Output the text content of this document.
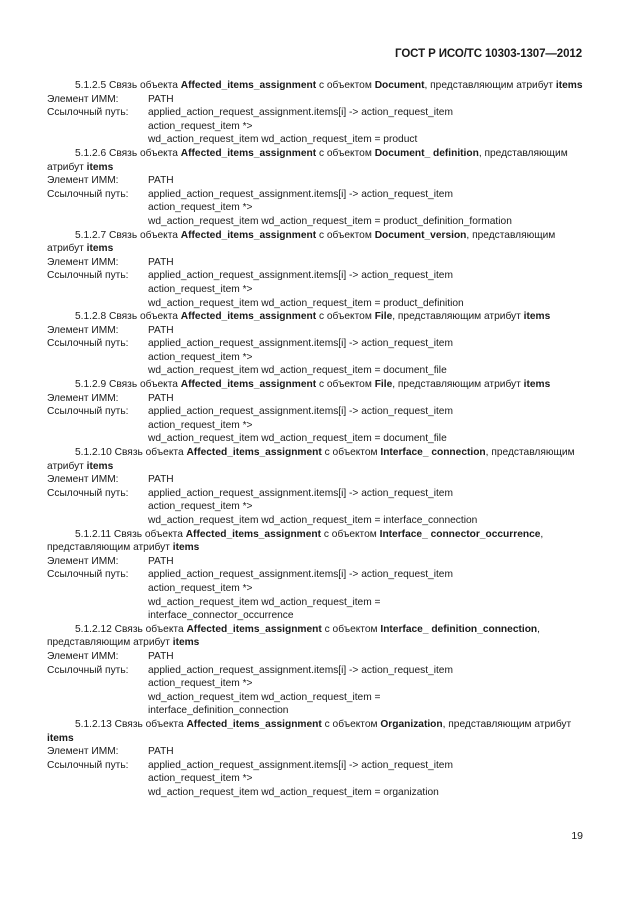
ГОСТ Р ИСО/ТС 10303-1307—2012
5.1.2.5 Связь объекта Affected_items_assignment с объектом Document, представляющим атрибут items
Элемент ИММ:	PATH
Ссылочный путь:	applied_action_request_assignment.items[i] -> action_request_item
action_request_item *>
wd_action_request_item wd_action_request_item = product
5.1.2.6 Связь объекта Affected_items_assignment с объектом Document_ definition, представляющим атрибут items
Элемент ИММ:	PATH
Ссылочный путь:	applied_action_request_assignment.items[i] -> action_request_item
action_request_item *>
wd_action_request_item wd_action_request_item = product_definition_formation
5.1.2.7 Связь объекта Affected_items_assignment с объектом Document_version, представляющим атрибут items
Элемент ИММ:	PATH
Ссылочный путь:	applied_action_request_assignment.items[i] -> action_request_item
action_request_item *>
wd_action_request_item wd_action_request_item = product_definition
5.1.2.8 Связь объекта Affected_items_assignment с объектом File, представляющим атрибут items
Элемент ИММ:	PATH
Ссылочный путь:	applied_action_request_assignment.items[i] -> action_request_item
action_request_item *>
wd_action_request_item wd_action_request_item = document_file
5.1.2.9 Связь объекта Affected_items_assignment с объектом File, представляющим атрибут items
Элемент ИММ:	PATH
Ссылочный путь:	applied_action_request_assignment.items[i] -> action_request_item
action_request_item *>
wd_action_request_item wd_action_request_item = document_file
5.1.2.10 Связь объекта Affected_items_assignment с объектом Interface_ connection, представляющим атрибут items
Элемент ИММ:	PATH
Ссылочный путь:	applied_action_request_assignment.items[i] -> action_request_item
action_request_item *>
wd_action_request_item wd_action_request_item = interface_connection
5.1.2.11 Связь объекта Affected_items_assignment с объектом Interface_ connector_occurrence, представляющим атрибут items
Элемент ИММ:	PATH
Ссылочный путь:	applied_action_request_assignment.items[i] -> action_request_item
action_request_item *>
wd_action_request_item wd_action_request_item =
interface_connector_occurrence
5.1.2.12 Связь объекта Affected_items_assignment с объектом Interface_ definition_connection, представляющим атрибут items
Элемент ИММ:	PATH
Ссылочный путь:	applied_action_request_assignment.items[i] -> action_request_item
action_request_item *>
wd_action_request_item wd_action_request_item =
interface_definition_connection
5.1.2.13 Связь объекта Affected_items_assignment с объектом Organization, представляющим атрибут items
Элемент ИММ:	PATH
Ссылочный путь:	applied_action_request_assignment.items[i] -> action_request_item
action_request_item *>
wd_action_request_item wd_action_request_item = organization
19
